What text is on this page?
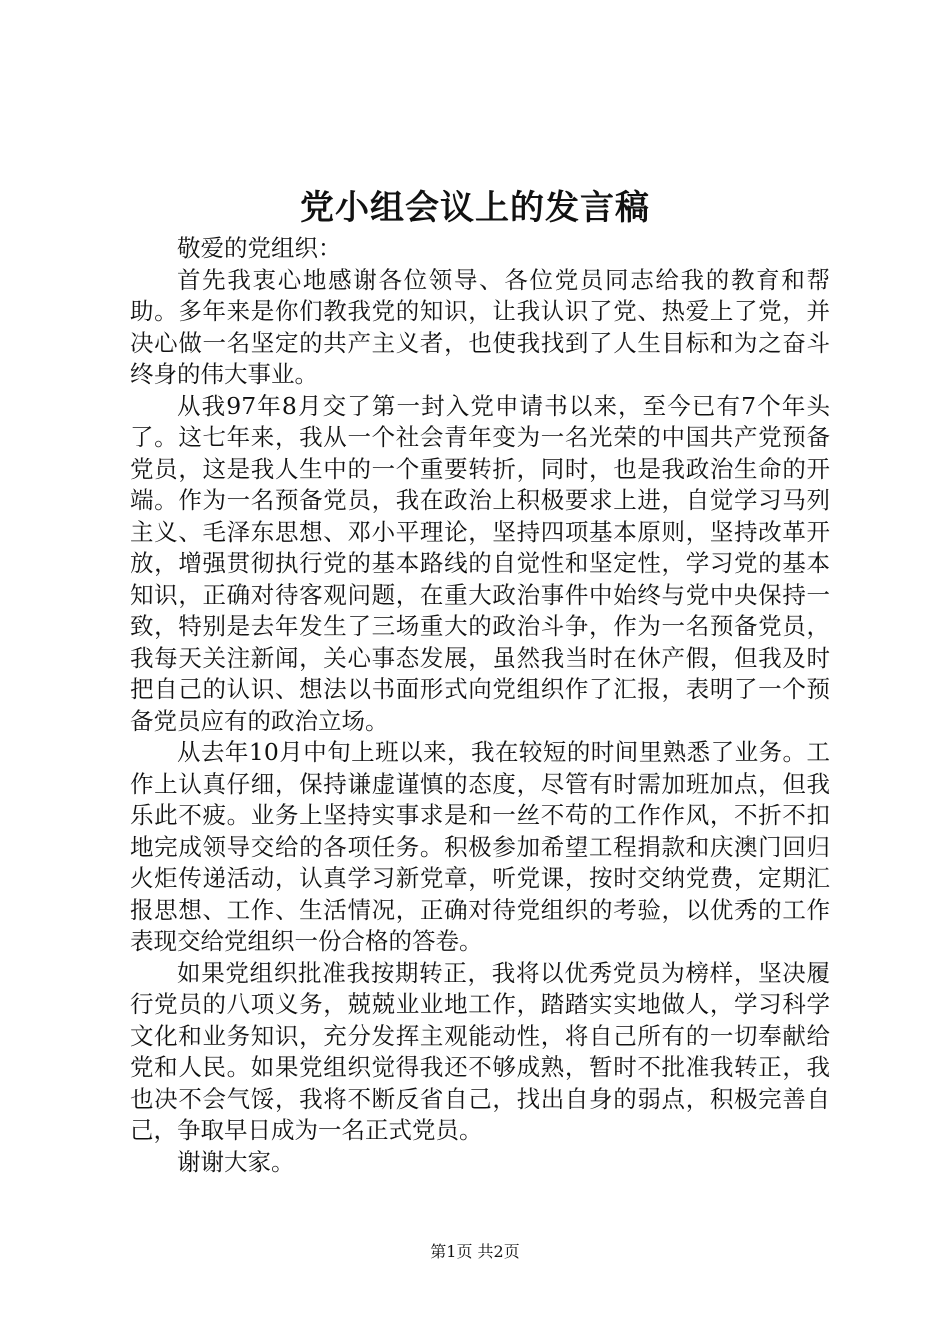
党小组会议上的发言稿

敬爱的党组织：

首先我衷心地感谢各位领导、各位党员同志给我的教育和帮助。多年来是你们教我党的知识，让我认识了党、热爱上了党，并决心做一名坚定的共产主义者，也使我找到了人生目标和为之奋斗终身的伟大事业。

从我97年8月交了第一封入党申请书以来，至今已有7个年头了。这七年来，我从一个社会青年变为一名光荣的中国共产党预备党员，这是我人生中的一个重要转折，同时，也是我政治生命的开端。作为一名预备党员，我在政治上积极要求上进，自觉学习马列主义、毛泽东思想、邓小平理论，坚持四项基本原则，坚持改革开放，增强贯彻执行党的基本路线的自觉性和坚定性，学习党的基本知识，正确对待客观问题，在重大政治事件中始终与党中央保持一致，特别是去年发生了三场重大的政治斗争，作为一名预备党员，我每天关注新闻，关心事态发展，虽然我当时在休产假，但我及时把自己的认识、想法以书面形式向党组织作了汇报，表明了一个预备党员应有的政治立场。

从去年10月中旬上班以来，我在较短的时间里熟悉了业务。工作上认真仔细，保持谦虚谨慎的态度，尽管有时需加班加点，但我乐此不疲。业务上坚持实事求是和一丝不苟的工作作风，不折不扣地完成领导交给的各项任务。积极参加希望工程捐款和庆澳门回归火炬传递活动，认真学习新党章，听党课，按时交纳党费，定期汇报思想、工作、生活情况，正确对待党组织的考验，以优秀的工作表现交给党组织一份合格的答卷。

如果党组织批准我按期转正，我将以优秀党员为榜样，坚决履行党员的八项义务，兢兢业业地工作，踏踏实实地做人，学习科学文化和业务知识，充分发挥主观能动性，将自己所有的一切奉献给党和人民。如果党组织觉得我还不够成熟，暂时不批准我转正，我也决不会气馁，我将不断反省自己，找出自身的弱点，积极完善自己，争取早日成为一名正式党员。

谢谢大家。

第1页 共2页
